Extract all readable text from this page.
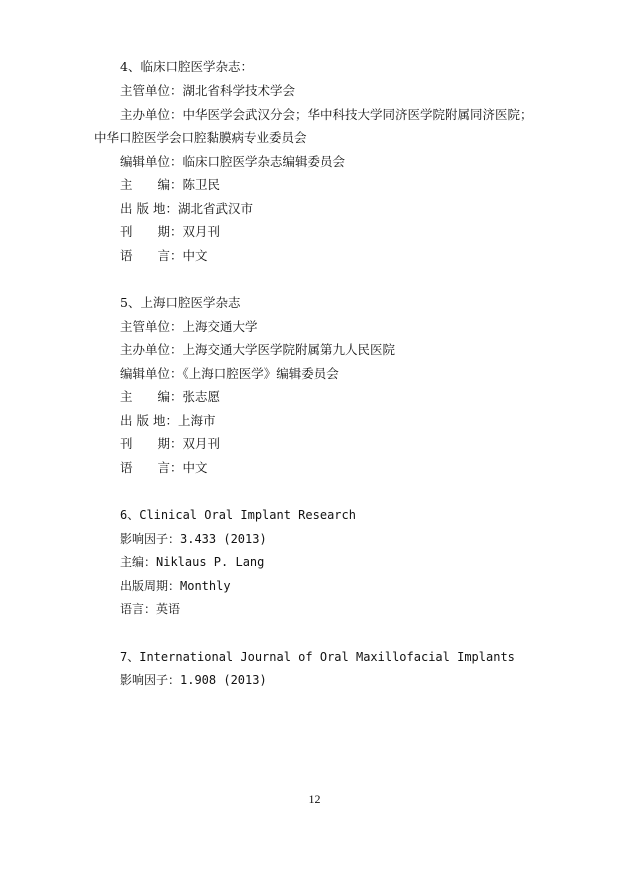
4、临床口腔医学杂志：
主管单位：湖北省科学技术学会
主办单位：中华医学会武汉分会；华中科技大学同济医学院附属同济医院；
中华口腔医学会口腔黏膜病专业委员会
编辑单位：临床口腔医学杂志编辑委员会
主　　编：陈卫民
出 版 地：湖北省武汉市
刊　　期：双月刊
语　　言：中文
5、上海口腔医学杂志
主管单位：上海交通大学
主办单位：上海交通大学医学院附属第九人民医院
编辑单位：《上海口腔医学》编辑委员会
主　　编：张志愿
出 版 地：上海市
刊　　期：双月刊
语　　言：中文
6、Clinical Oral Implant Research
影响因子：3.433 (2013)
主编：Niklaus P. Lang
出版周期：Monthly
语言：英语
7、International Journal of Oral Maxillofacial Implants
影响因子：1.908 (2013)
12
